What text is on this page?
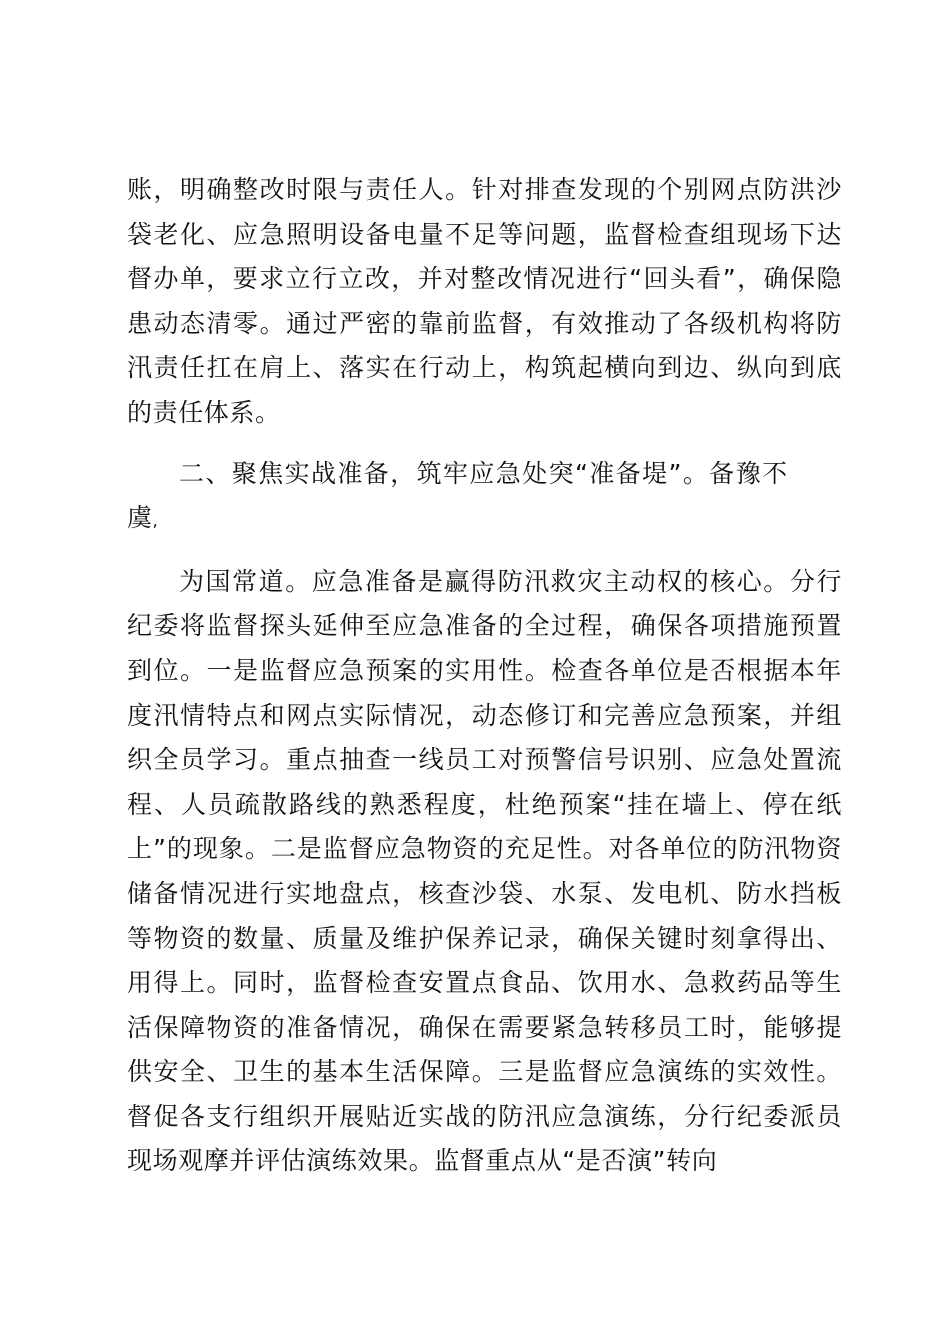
账，明确整改时限与责任人。针对排查发现的个别网点防洪沙袋老化、应急照明设备电量不足等问题，监督检查组现场下达督办单，要求立行立改，并对整改情况进行“回头看”，确保隐患动态清零。通过严密的靠前监督，有效推动了各级机构将防汛责任扛在肩上、落实在行动上，构筑起横向到边、纵向到底的责任体系。

二、聚焦实战准备，筑牢应急处突“准备堤”。备豫不

虞,

为国常道。应急准备是赢得防汛救灾主动权的核心。分行纪委将监督探头延伸至应急准备的全过程，确保各项措施预置到位。一是监督应急预案的实用性。检查各单位是否根据本年度汛情特点和网点实际情况，动态修订和完善应急预案，并组织全员学习。重点抽查一线员工对预警信号识别、应急处置流程、人员疏散路线的熟悉程度，杜绝预案“挂在墙上、停在纸上”的现象。二是监督应急物资的充足性。对各单位的防汛物资储备情况进行实地盘点，核查沙袋、水泵、发电机、防水挡板等物资的数量、质量及维护保养记录，确保关键时刻拿得出、用得上。同时，监督检查安置点食品、饮用水、急救药品等生活保障物资的准备情况，确保在需要紧急转移员工时，能够提供安全、卫生的基本生活保障。三是监督应急演练的实效性。督促各支行组织开展贴近实战的防汛应急演练，分行纪委派员现场观摩并评估演练效果。监督重点从“是否演”转向
